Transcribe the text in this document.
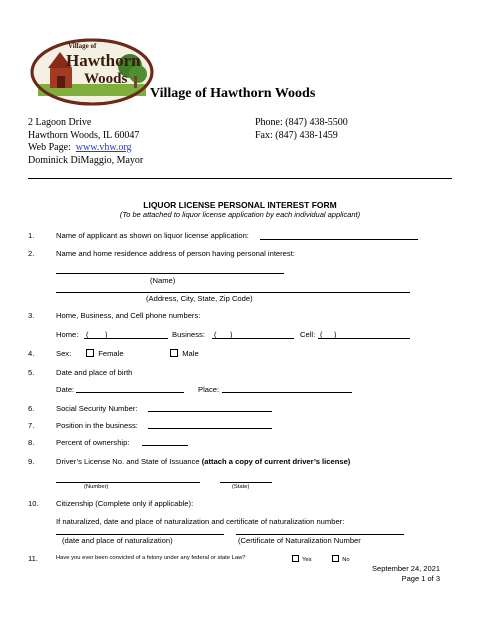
Village of
Hawthorn
Woods
Village of Hawthorn Woods
2 Lagoon Drive
Hawthorn Woods, IL 60047
Web Page: www.vhw.org
Dominick DiMaggio, Mayor
Phone: (847) 438-5500
Fax: (847) 438-1459
LIQUOR LICENSE PERSONAL INTEREST FORM
(To be attached to liquor license application by each individual applicant)
1.	Name of applicant as shown on liquor license application:
2.	Name and home residence address of person having personal interest:
(Name)
(Address, City, State, Zip Code)
3.	Home, Business, and Cell phone numbers:
Home: ( )	Business: ( )	Cell: ( )
4.	Sex:	Female	Male
5.	Date and place of birth
Date:	Place:
6.	Social Security Number:
7.	Position in the business:
8.	Percent of ownership:
9.	Driver’s License No. and State of Issuance (attach a copy of current driver’s license)
(Number)	(State)
10. Citizenship (Complete only if applicable):
If naturalized, date and place of naturalization and certificate of naturalization number:
(date and place of naturalization)	(Certificate of Naturalization Number
11.	Have you ever been convicted of a felony under any federal or state Law?	Yes	No
September 24, 2021
Page 1 of 3
